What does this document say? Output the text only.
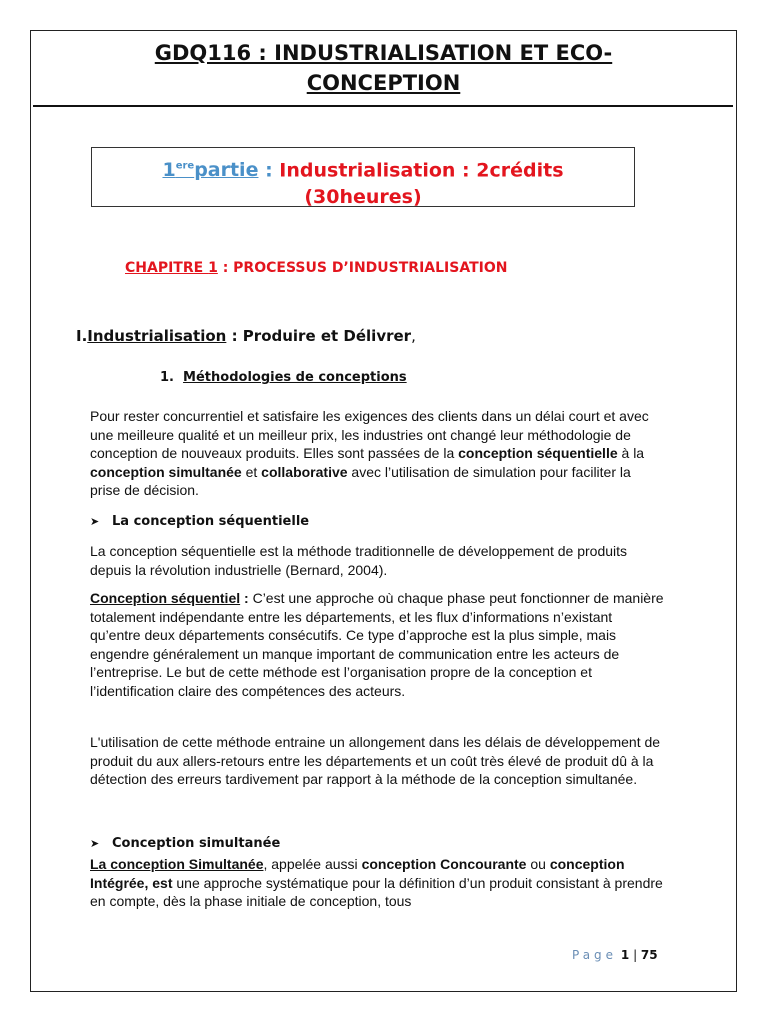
GDQ116 : INDUSTRIALISATION ET ECO-
CONCEPTION
1erepartie : Industrialisation : 2crédits
(30heures)
CHAPITRE 1 : PROCESSUS D’INDUSTRIALISATION
I.Industrialisation : Produire et Délivrer,
1. Méthodologies de conceptions
Pour rester concurrentiel et satisfaire les exigences des clients dans un délai court et avec une meilleure qualité et un meilleur prix, les industries ont changé leur méthodologie de conception de nouveaux produits. Elles sont passées de la conception séquentielle à la conception simultanée et collaborative avec l’utilisation de simulation pour faciliter la prise de décision.
➤ La conception séquentielle
La conception séquentielle est la méthode traditionnelle de développement de produits depuis la révolution industrielle (Bernard, 2004).
Conception séquentiel : C’est une approche où chaque phase peut fonctionner de manière totalement indépendante entre les départements, et les flux d’informations n’existant qu’entre deux départements consécutifs. Ce type d’approche est la plus simple, mais engendre généralement un manque important de communication entre les acteurs de l’entreprise. Le but de cette méthode est l’organisation propre de la conception et l’identification claire des compétences des acteurs.
L'utilisation de cette méthode entraine un allongement dans les délais de développement de produit du aux allers-retours entre les départements et un coût très élevé de produit dû à la détection des erreurs tardivement par rapport à la méthode de la conception simultanée.
➤ Conception simultanée
La conception Simultanée, appelée aussi conception Concourante ou conception Intégrée, est une approche systématique pour la définition d’un produit consistant à prendre en compte, dès la phase initiale de conception, tous
Page 1 | 75
